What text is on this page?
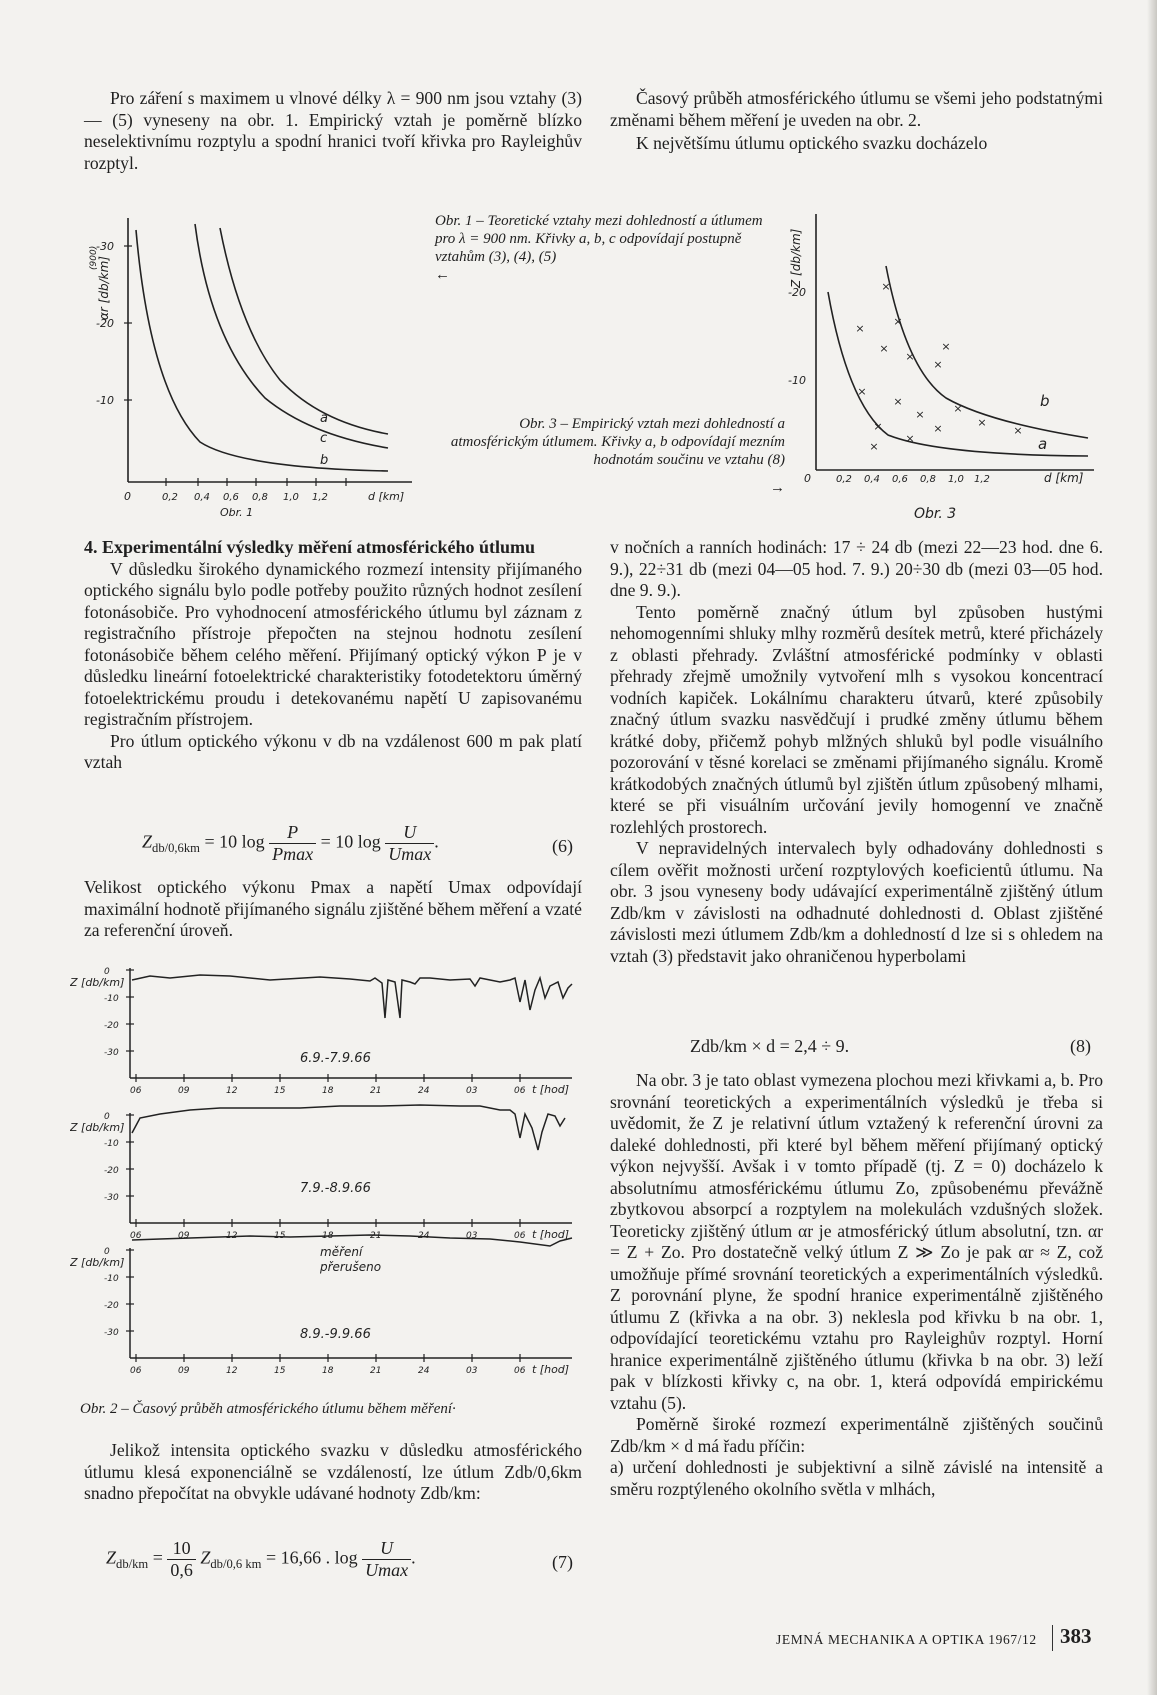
Pro záření s maximem u vlnové délky λ = 900 nm jsou vztahy (3) — (5) vyneseny na obr. 1. Empirický vztah je poměrně blízko neselektivnímu rozptylu a spodní hranici tvoří křivka pro Rayleighův rozptyl.

Časový průběh atmosférického útlumu se všemi jeho podstatnými změnami během měření je uveden na obr. 2.

K největšímu útlumu optického svazku docházelo

αr [db/km]
(900)
-30
-20
-10
0	0,2 0,4 0,6 0,8 1,0 1,2	d [km]
Obr. 1
a
c
b
Obr. 1 – Teoretické vztahy mezi dohledností a útlumem pro λ = 900 nm. Křivky a, b, c odpovídají postupně vztahům (3), (4), (5)
←
Obr. 3 – Empirický vztah mezi dohledností a atmosférickým útlumem. Křivky a, b odpovídají mezním hodnotám součinu ve vztahu (8)
→
×
×
×
×
×
×
×
×
×
×
×	×
×
×
×	×
×
Z [db/km]
-20
-10
0	0,2 0,4 0,6 0,8 1,0 1,2	d [km]
Obr. 3
b
a

4. Experimentální výsledky měření atmosférického útlumu

V důsledku širokého dynamického rozmezí intensity přijímaného optického signálu bylo podle potřeby použito různých hodnot zesílení fotonásobiče. Pro vyhodnocení atmosférického útlumu byl záznam z registračního přístroje přepočten na stejnou hodnotu zesílení fotonásobiče během celého měření. Přijímaný optický výkon P je v důsledku lineární fotoelektrické charakteristiky fotodetektoru úměrný fotoelektrickému proudu i detekovanému napětí U zapisovanému registračním přístrojem.

Pro útlum optického výkonu v db na vzdálenost 600 m pak platí vztah

$Z_{db/0,6km} = 10$ $\log \frac{P}{Pmax} = 10$ $\log \frac{U}{Umax}$ .	(6)

Velikost optického výkonu Pmax a napětí Umax odpovídají maximální hodnotě přijímaného signálu zjištěné během měření a vzaté za referenční úroveň.

Z [db/km]
0
-10
-20
-30
06	09	12	15	18	21	24	03	06 t [hod]
Z [db/km]
0
-10
-20
-30
06	09	12	15	18	21	24	03	06 t [hod]
Z [db/km]
0
-10
-20
-30
06	09	12	15	18	21	24	03	06 t [hod]
6.9.-7.9.66
7.9.-8.9.66
8.9.-9.9.66
měření
přerušeno
Obr. 2 – Časový průběh atmosférického útlumu během měření·

Jelikož intensita optického svazku v důsledku atmosférického útlumu klesá exponenciálně se vzdáleností, lze útlum Zdb/0,6km snadno přepočítat na obvykle udávané hodnoty Zdb/km:

$Z_{db/km} = \frac{10}{0,6} Z_{db/0,6 km} = 16,66$ . $\log \frac{U}{Umax}$ .	(7)

v nočních a ranních hodinách: 17 ÷ 24 db (mezi 22—23 hod. dne 6. 9.), 22÷31 db (mezi 04—05 hod. 7. 9.) 20÷30 db (mezi 03—05 hod. dne 9. 9.).

Tento poměrně značný útlum byl způsoben hustými nehomogenními shluky mlhy rozměrů desítek metrů, které přicházely z oblasti přehrady. Zvláštní atmosférické podmínky v oblasti přehrady zřejmě umožnily vytvoření mlh s vysokou koncentrací vodních kapiček. Lokálnímu charakteru útvarů, které způsobily značný útlum svazku nasvědčují i prudké změny útlumu během krátké doby, přičemž pohyb mlžných shluků byl podle visuálního pozorování v těsné korelaci se změnami přijímaného signálu. Kromě krátkodobých značných útlumů byl zjištěn útlum způsobený mlhami, které se při visuálním určování jevily homogenní ve značně rozlehlých prostorech.

V nepravidelných intervalech byly odhadovány dohlednosti s cílem ověřit možnosti určení rozptylových koeficientů útlumu. Na obr. 3 jsou vyneseny body udávající experimentálně zjištěný útlum Zdb/km v závislosti na odhadnuté dohlednosti d. Oblast zjištěné závislosti mezi útlumem Zdb/km a dohledností d lze si s ohledem na vztah (3) představit jako ohraničenou hyperbolami

Zdb/km × d = 2,4 ÷ 9.	(8)

Na obr. 3 je tato oblast vymezena plochou mezi křivkami a, b. Pro srovnání teoretických a experimentálních výsledků je třeba si uvědomit, že Z je relativní útlum vztažený k referenční úrovni za daleké dohlednosti, při které byl během měření přijímaný optický výkon nejvyšší. Avšak i v tomto případě (tj. Z = 0) docházelo k absolutnímu atmosférickému útlumu Zo, způsobenému převážně zbytkovou absorpcí a rozptylem na molekulách vzdušných složek. Teoreticky zjištěný útlum αr je atmosférický útlum absolutní, tzn. αr = Z + Zo. Pro dostatečně velký útlum Z ≫ Zo je pak αr ≈ Z, což umožňuje přímé srovnání teoretických a experimentálních výsledků. Z porovnání plyne, že spodní hranice experimentálně zjištěného útlumu Z (křivka a na obr. 3) neklesla pod křivku b na obr. 1, odpovídající teoretickému vztahu pro Rayleighův rozptyl. Horní hranice experimentálně zjištěného útlumu (křivka b na obr. 3) leží pak v blízkosti křivky c, na obr. 1, která odpovídá empirickému vztahu (5).

Poměrně široké rozmezí experimentálně zjištěných součinů Zdb/km × d má řadu příčin:

a) určení dohlednosti je subjektivní a silně závislé na intensitě a směru rozptýleného okolního světla v mlhách,

JEMNÁ MECHANIKA A OPTIKA 1967/12 383
